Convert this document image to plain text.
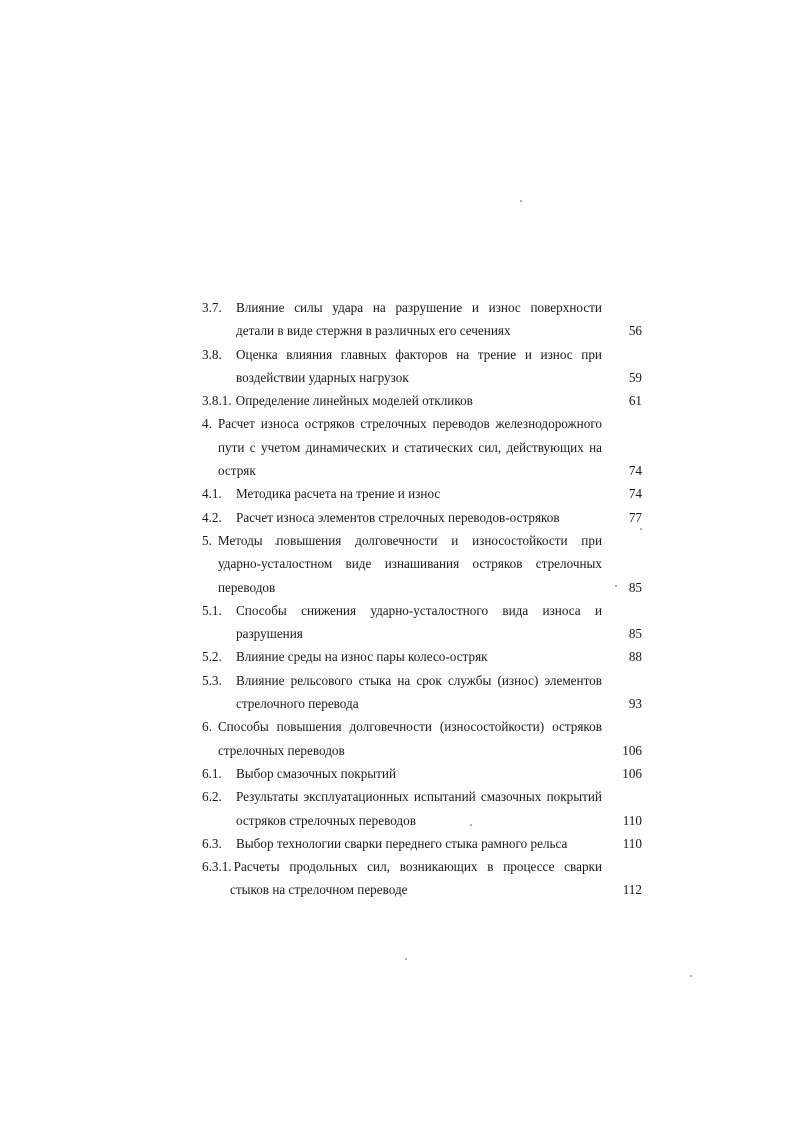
3.7.	Влияние силы удара на разрушение и износ поверхности
детали в виде стержня в различных его сечениях	56
3.8.	Оценка влияния главных факторов на трение и износ при
воздействии ударных нагрузок	59
3.8.1. Определение линейных моделей откликов	61
4. Расчет износа остряков стрелочных переводов железнодорожного
пути с учетом динамических и статических сил, действующих на
остряк	74
4.1.	Методика расчета на трение и износ	74
4.2.	Расчет износа элементов стрелочных переводов-остряков	77
5. Методы повышения долговечности и износостойкости при
ударно-усталостном виде изнашивания остряков стрелочных
переводов	85
5.1.	Способы снижения ударно-усталостного вида износа и
разрушения	85
5.2.	Влияние среды на износ пары колесо-остряк	88
5.3.	Влияние рельсового стыка на срок службы (износ) элементов
стрелочного перевода	93
6. Способы повышения долговечности (износостойкости) остряков
стрелочных переводов	106
6.1.	Выбор смазочных покрытий	106
6.2.	Результаты эксплуатационных испытаний смазочных покрытий
остряков стрелочных переводов	110
6.3.	Выбор технологии сварки переднего стыка рамного рельса	110
6.3.1. Расчеты продольных сил, возникающих в процессе сварки
стыков на стрелочном переводе	112
